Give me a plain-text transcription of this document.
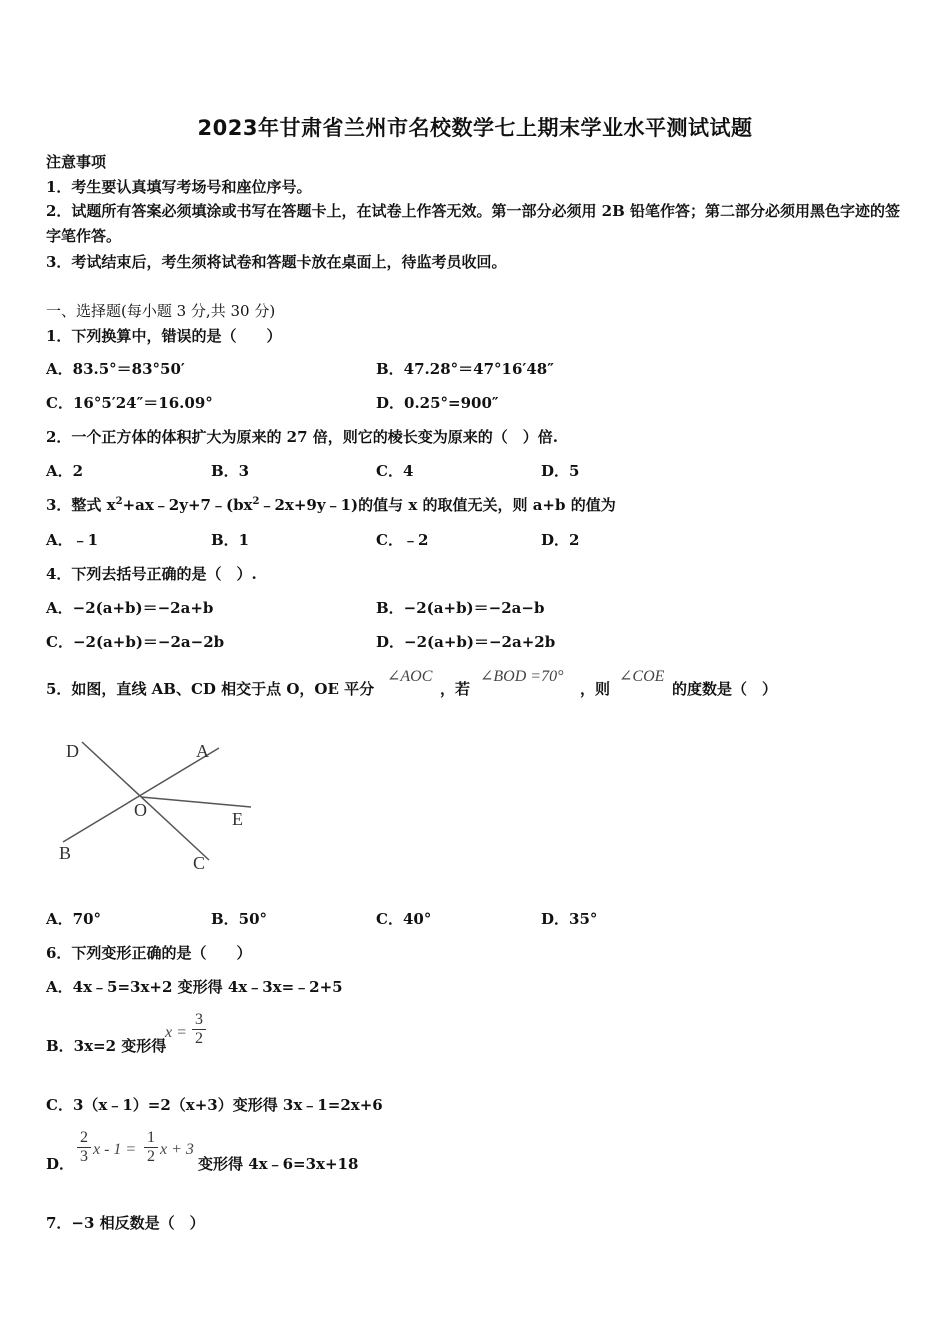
2023年甘肃省兰州市名校数学七上期末学业水平测试试题
注意事项
1．考生要认真填写考场号和座位序号。
2．试题所有答案必须填涂或书写在答题卡上，在试卷上作答无效。第一部分必须用 2B 铅笔作答；第二部分必须用黑色字迹的签字笔作答。
3．考试结束后，考生须将试卷和答题卡放在桌面上，待监考员收回。
一、选择题(每小题 3 分,共 30 分)
1．下列换算中，错误的是（　　）
A．83.5°＝83°50′	B．47.28°＝47°16′48″
C．16°5′24″＝16.09°	D．0.25°=900″
2．一个正方体的体积扩大为原来的 27 倍，则它的棱长变为原来的（　）倍.
A．2	B．3	C．4	D．5
3．整式 $x^2+ax﹣2y+7﹣(bx^2﹣2x+9y﹣1)$的值与 x 的取值无关，则 a+b 的值为
A．﹣1	B．1	C．﹣2	D．2
4．下列去括号正确的是（　）.
A．−2(a+b)＝−2a+b	B．−2(a+b)＝−2a−b
C．−2(a+b)＝−2a−2b	D．−2(a+b)＝−2a+2b
5．如图，直线 AB、CD 相交于点 O，OE 平分
∠AOC
，若
∠BOD =70°
，则
∠COE
的度数是（　）
D	A
O	E
B	C
A．70°	B．50°	C．40°	D．35°
6．下列变形正确的是（　　）
A．4x﹣5=3x+2 变形得 4x﹣3x=﹣2+5
B．3x=2 变形得
$x = \frac{3}{2}$
C．3（x﹣1）=2（x+3）变形得 3x﹣1=2x+6
D． $\frac{2}{3}$ $x - 1 = \frac{1}{2}$ x + 3
变形得 4x﹣6=3x+18
7．−3 相反数是（　）
